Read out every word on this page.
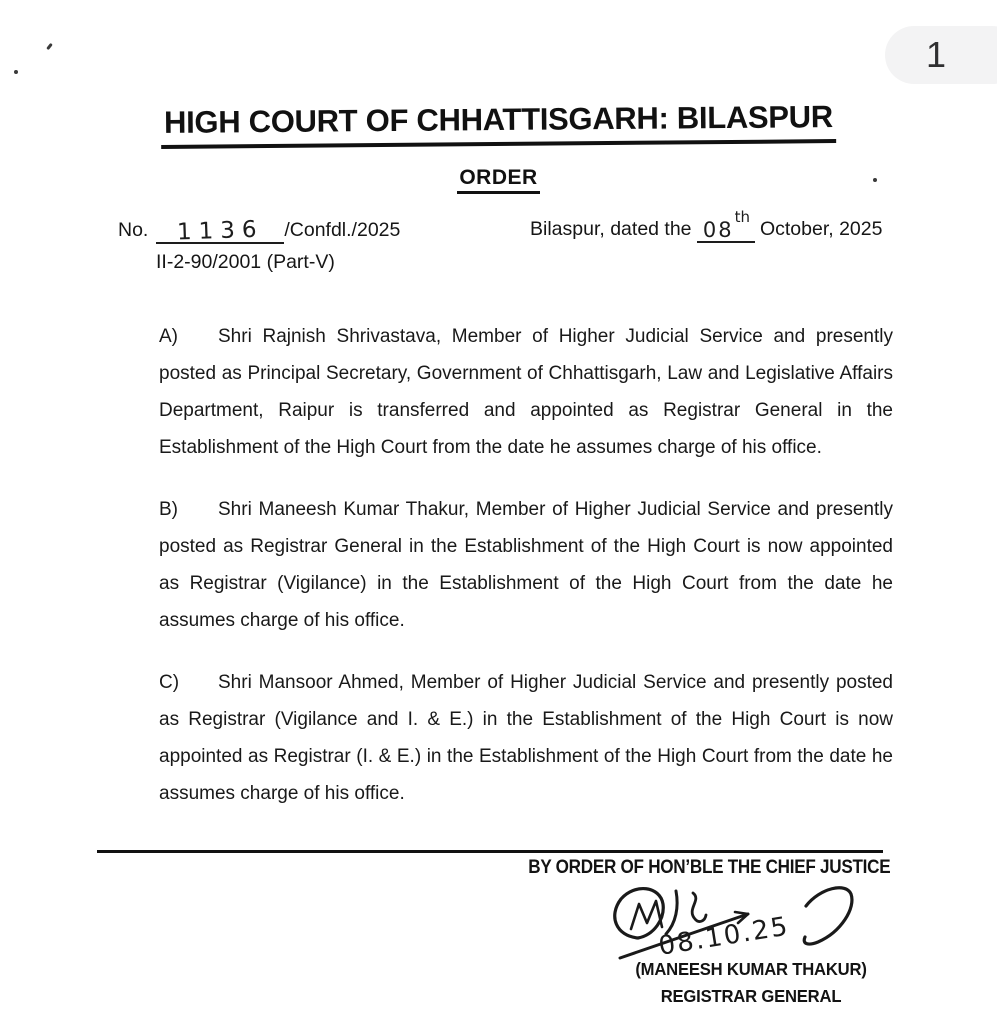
1
HIGH COURT OF CHHATTISGARH: BILASPUR
ORDER
No. 1136 /Confdl./2025
II-2-90/2001 (Part-V)
Bilaspur, dated the 08thOctober, 2025

A) Shri Rajnish Shrivastava, Member of Higher Judicial Service and presently posted as Principal Secretary, Government of Chhattisgarh, Law and Legislative Affairs Department, Raipur is transferred and appointed as Registrar General in the Establishment of the High Court from the date he assumes charge of his office.

B) Shri Maneesh Kumar Thakur, Member of Higher Judicial Service and presently posted as Registrar General in the Establishment of the High Court is now appointed as Registrar (Vigilance) in the Establishment of the High Court from the date he assumes charge of his office.

C) Shri Mansoor Ahmed, Member of Higher Judicial Service and presently posted as Registrar (Vigilance and I. & E.) in the Establishment of the High Court is now appointed as Registrar (I. & E.) in the Establishment of the High Court from the date he assumes charge of his office.

BY ORDER OF HON’BLE THE CHIEF JUSTICE
08.10.25
(MANEESH KUMAR THAKUR)
REGISTRAR GENERAL
